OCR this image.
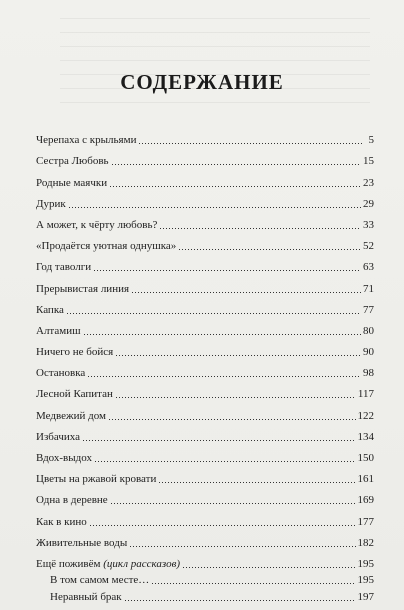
СОДЕРЖАНИЕ
Черепаха с крыльями	5
Сестра Любовь	15
Родные маячки	23
Дурик	29
А может, к чёрту любовь?	33
«Продаётся уютная однушка»	52
Год таволги	63
Прерывистая линия	71
Капка	77
Алтамиш	80
Ничего не бойся	90
Остановка	98
Лесной Капитан	117
Медвежий дом	122
Избачиха	134
Вдох-выдох	150
Цветы на ржавой кровати	161
Одна в деревне	169
Как в кино	177
Живительные воды	182
Ещё поживём (цикл рассказов)	195
В том самом месте…	195
Неравный брак	197
